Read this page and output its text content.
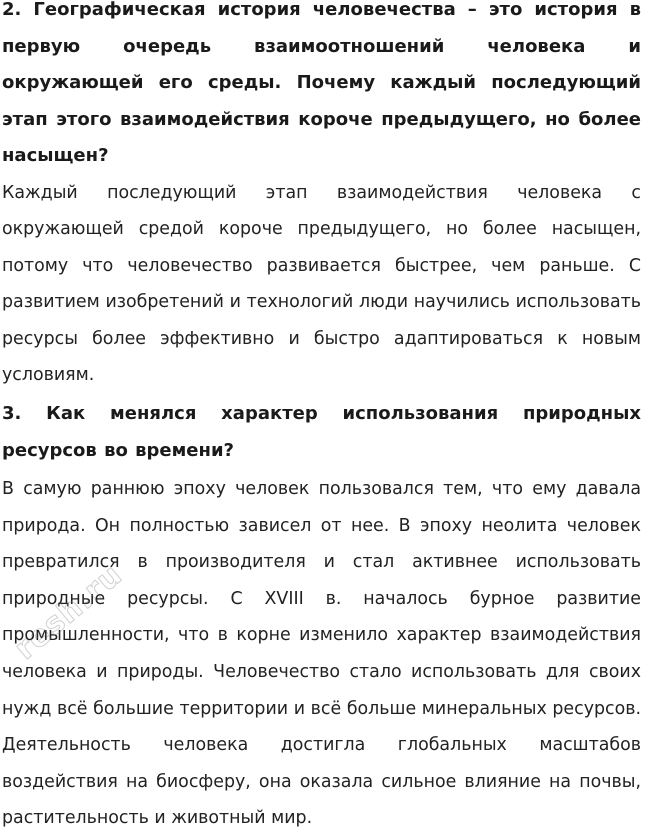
2. Географическая история человечества – это история в первую очередь взаимоотношений человека и окружающей его среды. Почему каждый последующий этап этого взаимодействия короче предыдущего, но более насыщен?

Каждый последующий этап взаимодействия человека с окружающей средой короче предыдущего, но более насыщен, потому что человечество развивается быстрее, чем раньше. С развитием изобретений и технологий люди научились использовать ресурсы более эффективно и быстро адаптироваться к новым условиям.

3. Как менялся характер использования природных ресурсов во времени?

В самую раннюю эпоху человек пользовался тем, что ему давала природа. Он полностью зависел от нее. В эпоху неолита человек превратился в производителя и стал активнее использовать природные ресурсы. С XVIII в. началось бурное развитие промышленности, что в корне изменило характер взаимодействия человека и природы. Человечество стало использовать для своих нужд всё большие территории и всё больше минеральных ресурсов. Деятельность человека достигла глобальных масштабов воздействия на биосферу, она оказала сильное влияние на почвы, растительность и животный мир.

resh.ru
